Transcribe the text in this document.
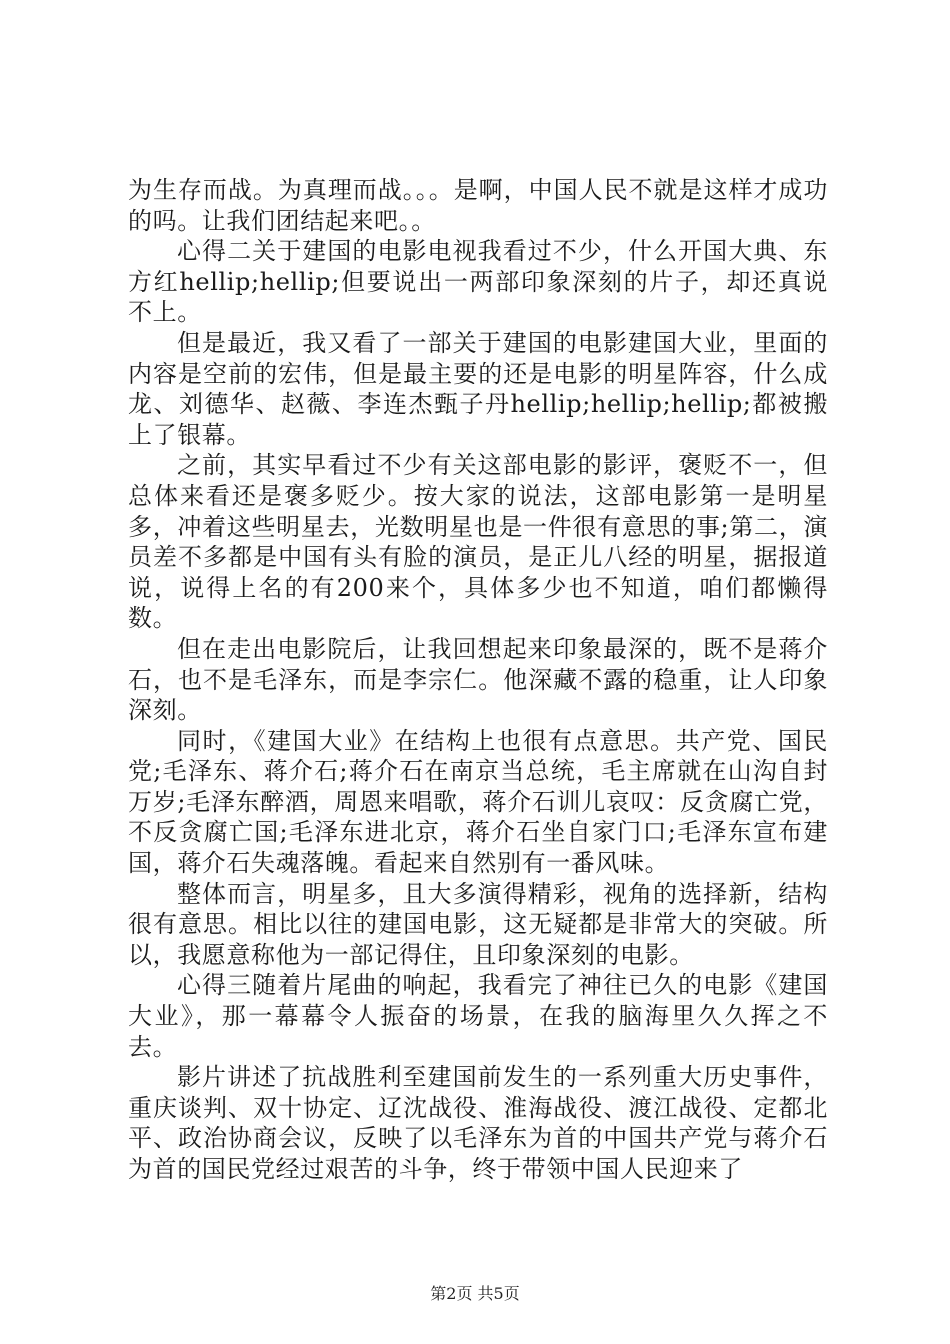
为生存而战。为真理而战。。。是啊，中国人民不就是这样才成功的吗。让我们团结起来吧。。

心得二关于建国的电影电视我看过不少，什么开国大典、东方红hellip;hellip;但要说出一两部印象深刻的片子，却还真说不上。

但是最近，我又看了一部关于建国的电影建国大业，里面的内容是空前的宏伟，但是最主要的还是电影的明星阵容，什么成龙、刘德华、赵薇、李连杰甄子丹hellip;hellip;hellip;都被搬上了银幕。

之前，其实早看过不少有关这部电影的影评，褒贬不一，但总体来看还是褒多贬少。按大家的说法，这部电影第一是明星多，冲着这些明星去，光数明星也是一件很有意思的事;第二，演员差不多都是中国有头有脸的演员，是正儿八经的明星，据报道说，说得上名的有200来个，具体多少也不知道，咱们都懒得数。

但在走出电影院后，让我回想起来印象最深的，既不是蒋介石，也不是毛泽东，而是李宗仁。他深藏不露的稳重，让人印象深刻。

同时，《建国大业》在结构上也很有点意思。共产党、国民党;毛泽东、蒋介石;蒋介石在南京当总统，毛主席就在山沟自封万岁;毛泽东醉酒，周恩来唱歌，蒋介石训儿哀叹：反贪腐亡党，不反贪腐亡国;毛泽东进北京，蒋介石坐自家门口;毛泽东宣布建国，蒋介石失魂落魄。看起来自然别有一番风味。

整体而言，明星多，且大多演得精彩，视角的选择新，结构很有意思。相比以往的建国电影，这无疑都是非常大的突破。所以，我愿意称他为一部记得住，且印象深刻的电影。

心得三随着片尾曲的响起，我看完了神往已久的电影《建国大业》，那一幕幕令人振奋的场景，在我的脑海里久久挥之不去。

影片讲述了抗战胜利至建国前发生的一系列重大历史事件，重庆谈判、双十协定、辽沈战役、淮海战役、渡江战役、定都北平、政治协商会议，反映了以毛泽东为首的中国共产党与蒋介石为首的国民党经过艰苦的斗争，终于带领中国人民迎来了

第2页 共5页
